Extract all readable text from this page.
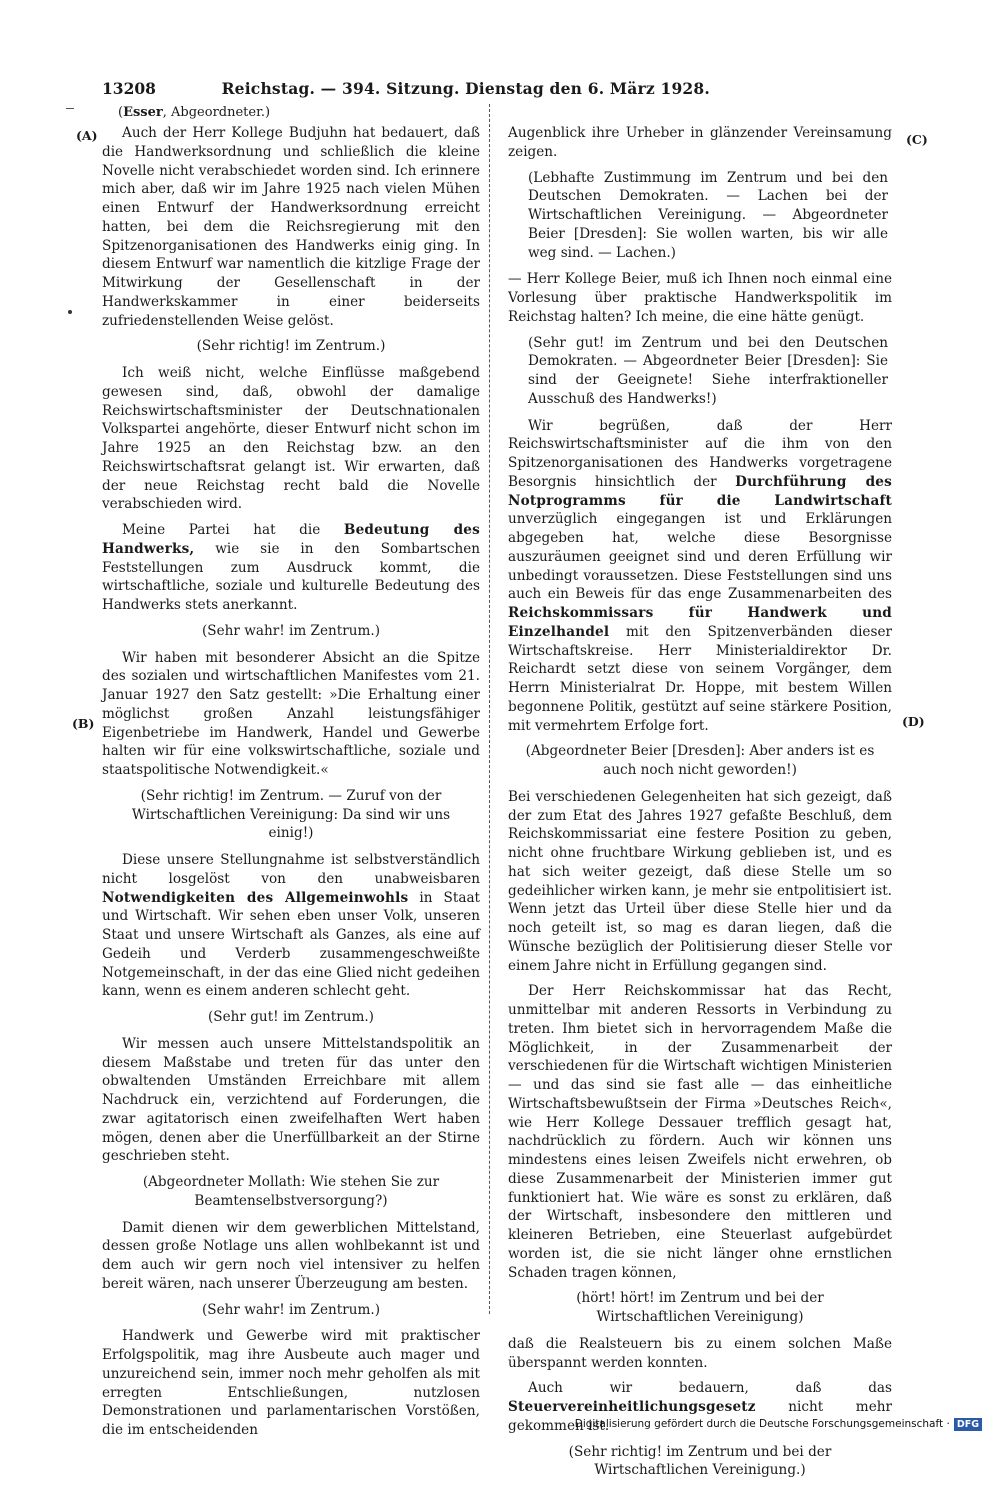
13208	Reichstag. — 394. Sitzung. Dienstag den 6. März 1928.
(Esser, Abgeordneter.)
(A)
(B)
(C)
(D)

Auch der Herr Kollege Budjuhn hat bedauert, daß die Handwerksordnung und schließlich die kleine Novelle nicht verabschiedet worden sind. Ich erinnere mich aber, daß wir im Jahre 1925 nach vielen Mühen einen Entwurf der Handwerksordnung erreicht hatten, bei dem die Reichsregierung mit den Spitzenorganisationen des Handwerks einig ging. In diesem Entwurf war namentlich die kitzlige Frage der Mitwirkung der Gesellenschaft in der Handwerkskammer in einer beiderseits zufriedenstellenden Weise gelöst.

(Sehr richtig! im Zentrum.)

Ich weiß nicht, welche Einflüsse maßgebend gewesen sind, daß, obwohl der damalige Reichswirtschaftsminister der Deutschnationalen Volkspartei angehörte, dieser Entwurf nicht schon im Jahre 1925 an den Reichstag bzw. an den Reichswirtschaftsrat gelangt ist. Wir erwarten, daß der neue Reichstag recht bald die Novelle verabschieden wird.

Meine Partei hat die Bedeutung des Handwerks, wie sie in den Sombartschen Feststellungen zum Ausdruck kommt, die wirtschaftliche, soziale und kulturelle Bedeutung des Handwerks stets anerkannt.

(Sehr wahr! im Zentrum.)

Wir haben mit besonderer Absicht an die Spitze des sozialen und wirtschaftlichen Manifestes vom 21. Januar 1927 den Satz gestellt: »Die Erhaltung einer möglichst großen Anzahl leistungsfähiger Eigenbetriebe im Handwerk, Handel und Gewerbe halten wir für eine volkswirtschaftliche, soziale und staatspolitische Notwendigkeit.«

(Sehr richtig! im Zentrum. — Zuruf von der Wirtschaftlichen Vereinigung: Da sind wir uns einig!)

Diese unsere Stellungnahme ist selbstverständlich nicht losgelöst von den unabweisbaren Notwendigkeiten des Allgemeinwohls in Staat und Wirtschaft. Wir sehen eben unser Volk, unseren Staat und unsere Wirtschaft als Ganzes, als eine auf Gedeih und Verderb zusammengeschweißte Notgemeinschaft, in der das eine Glied nicht gedeihen kann, wenn es einem anderen schlecht geht.

(Sehr gut! im Zentrum.)

Wir messen auch unsere Mittelstandspolitik an diesem Maßstabe und treten für das unter den obwaltenden Umständen Erreichbare mit allem Nachdruck ein, verzichtend auf Forderungen, die zwar agitatorisch einen zweifelhaften Wert haben mögen, denen aber die Unerfüllbarkeit an der Stirne geschrieben steht.

(Abgeordneter Mollath: Wie stehen Sie zur Beamtenselbstversorgung?)

Damit dienen wir dem gewerblichen Mittelstand, dessen große Notlage uns allen wohlbekannt ist und dem auch wir gern noch viel intensiver zu helfen bereit wären, nach unserer Überzeugung am besten.

(Sehr wahr! im Zentrum.)

Handwerk und Gewerbe wird mit praktischer Erfolgspolitik, mag ihre Ausbeute auch mager und unzureichend sein, immer noch mehr geholfen als mit erregten Entschließungen, nutzlosen Demonstrationen und parlamentarischen Vorstößen, die im entscheidenden

Augenblick ihre Urheber in glänzender Vereinsamung zeigen.

(Lebhafte Zustimmung im Zentrum und bei den Deutschen Demokraten. — Lachen bei der Wirtschaftlichen Vereinigung. — Abgeordneter Beier [Dresden]: Sie wollen warten, bis wir alle weg sind. — Lachen.)

— Herr Kollege Beier, muß ich Ihnen noch einmal eine Vorlesung über praktische Handwerkspolitik im Reichstag halten? Ich meine, die eine hätte genügt.

(Sehr gut! im Zentrum und bei den Deutschen Demokraten. — Abgeordneter Beier [Dresden]: Sie sind der Geeignete! Siehe interfraktioneller Ausschuß des Handwerks!)

Wir begrüßen, daß der Herr Reichswirtschaftsminister auf die ihm von den Spitzenorganisationen des Handwerks vorgetragene Besorgnis hinsichtlich der Durchführung des Notprogramms für die Landwirtschaft unverzüglich eingegangen ist und Erklärungen abgegeben hat, welche diese Besorgnisse auszuräumen geeignet sind und deren Erfüllung wir unbedingt voraussetzen. Diese Feststellungen sind uns auch ein Beweis für das enge Zusammenarbeiten des Reichskommissars für Handwerk und Einzelhandel mit den Spitzenverbänden dieser Wirtschaftskreise. Herr Ministerialdirektor Dr. Reichardt setzt diese von seinem Vorgänger, dem Herrn Ministerialrat Dr. Hoppe, mit bestem Willen begonnene Politik, gestützt auf seine stärkere Position, mit vermehrtem Erfolge fort.

(Abgeordneter Beier [Dresden]: Aber anders ist es auch noch nicht geworden!)

Bei verschiedenen Gelegenheiten hat sich gezeigt, daß der zum Etat des Jahres 1927 gefaßte Beschluß, dem Reichskommissariat eine festere Position zu geben, nicht ohne fruchtbare Wirkung geblieben ist, und es hat sich weiter gezeigt, daß diese Stelle um so gedeihlicher wirken kann, je mehr sie entpolitisiert ist. Wenn jetzt das Urteil über diese Stelle hier und da noch geteilt ist, so mag es daran liegen, daß die Wünsche bezüglich der Politisierung dieser Stelle vor einem Jahre nicht in Erfüllung gegangen sind.

Der Herr Reichskommissar hat das Recht, unmittelbar mit anderen Ressorts in Verbindung zu treten. Ihm bietet sich in hervorragendem Maße die Möglichkeit, in der Zusammenarbeit der verschiedenen für die Wirtschaft wichtigen Ministerien — und das sind sie fast alle — das einheitliche Wirtschaftsbewußtsein der Firma »Deutsches Reich«, wie Herr Kollege Dessauer trefflich gesagt hat, nachdrücklich zu fördern. Auch wir können uns mindestens eines leisen Zweifels nicht erwehren, ob diese Zusammenarbeit der Ministerien immer gut funktioniert hat. Wie wäre es sonst zu erklären, daß der Wirtschaft, insbesondere den mittleren und kleineren Betrieben, eine Steuerlast aufgebürdet worden ist, die sie nicht länger ohne ernstlichen Schaden tragen können,

(hört! hört! im Zentrum und bei der Wirtschaftlichen Vereinigung)

daß die Realsteuern bis zu einem solchen Maße überspannt werden konnten.

Auch wir bedauern, daß das Steuervereinheitlichungsgesetz nicht mehr gekommen ist.

(Sehr richtig! im Zentrum und bei der Wirtschaftlichen Vereinigung.)

Digitalisierung gefördert durch die Deutsche Forschungsgemeinschaft · DFG
